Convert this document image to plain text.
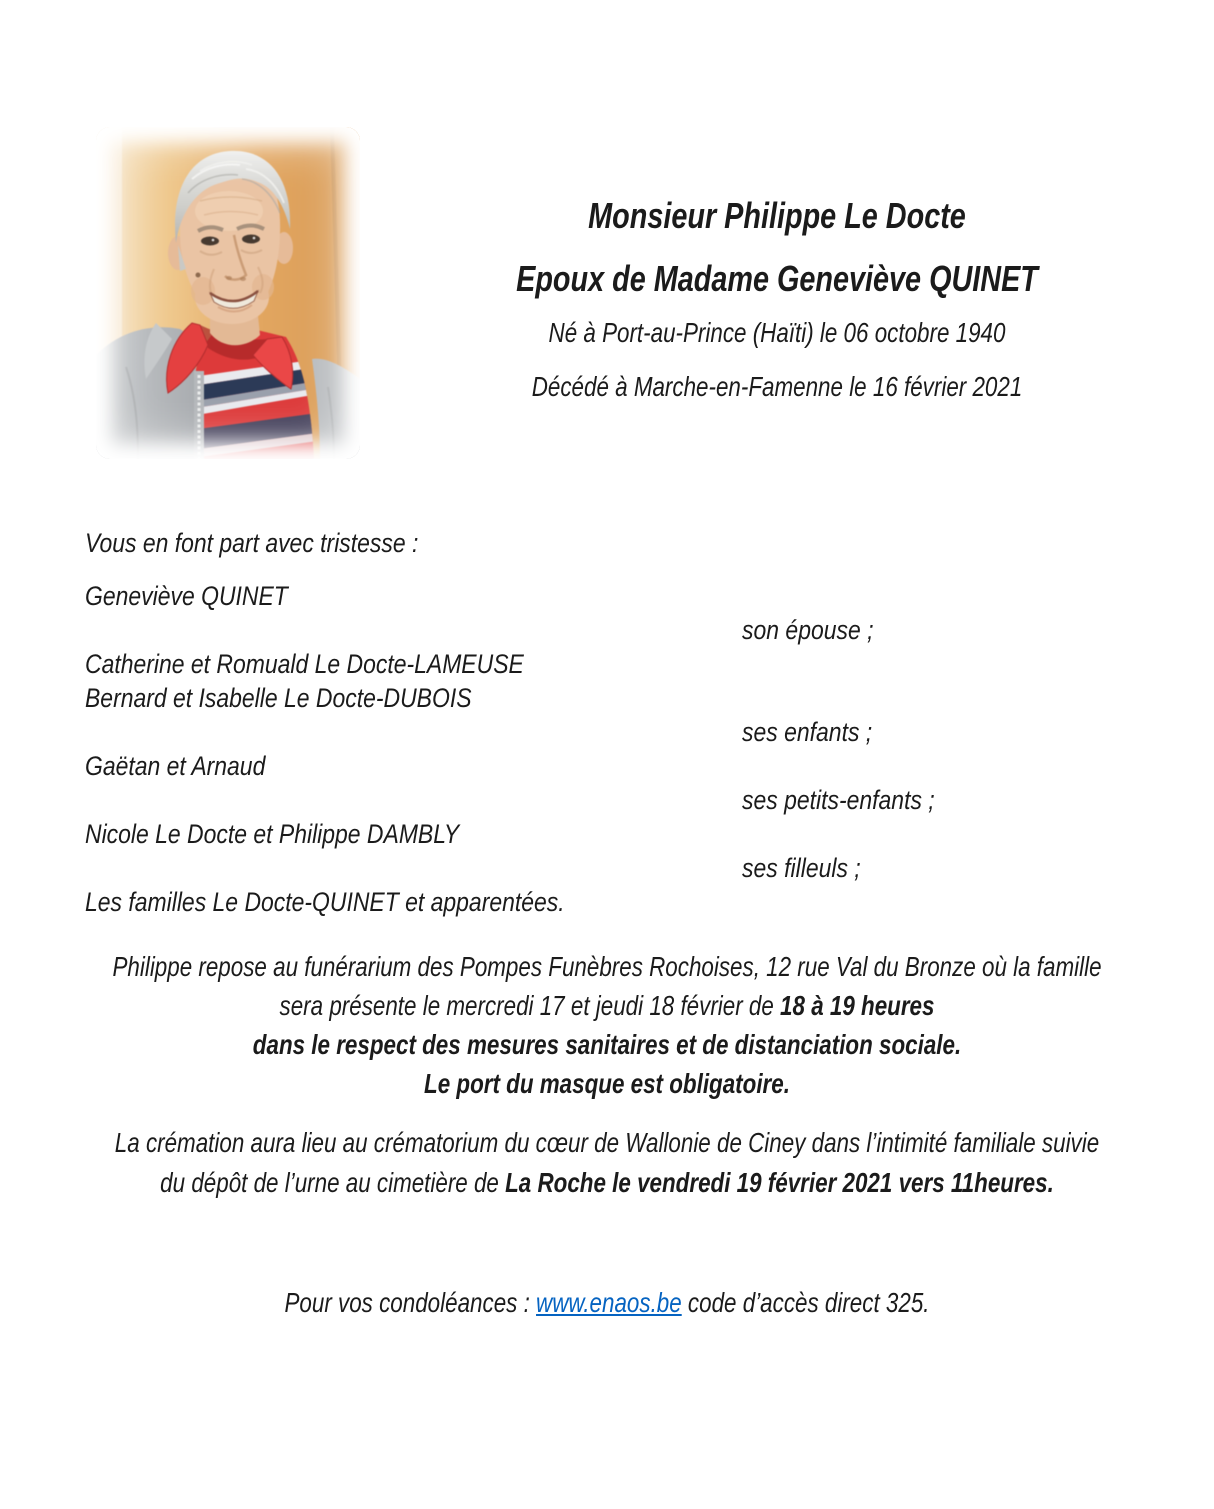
Monsieur Philippe Le Docte

Epoux de Madame Geneviève QUINET

Né à Port-au-Prince (Haïti) le 06 octobre 1940

Décédé à Marche-en-Famenne le 16 février 2021

Vous en font part avec tristesse :

Geneviève QUINET

son épouse ;

Catherine et Romuald Le Docte-LAMEUSE

Bernard et Isabelle Le Docte-DUBOIS

ses enfants ;

Gaëtan et Arnaud

ses petits-enfants ;

Nicole Le Docte et Philippe DAMBLY

ses filleuls ;

Les familles Le Docte-QUINET et apparentées.

Philippe repose au funérarium des Pompes Funèbres Rochoises, 12 rue Val du Bronze où la famille

sera présente le mercredi 17 et jeudi 18 février de 18 à 19 heures

dans le respect des mesures sanitaires et de distanciation sociale.

Le port du masque est obligatoire.

La crémation aura lieu au crématorium du cœur de Wallonie de Ciney dans l’intimité familiale suivie

du dépôt de l’urne au cimetière de La Roche le vendredi 19 février 2021 vers 11heures.

Pour vos condoléances : www.enaos.be code d’accès direct 325.
